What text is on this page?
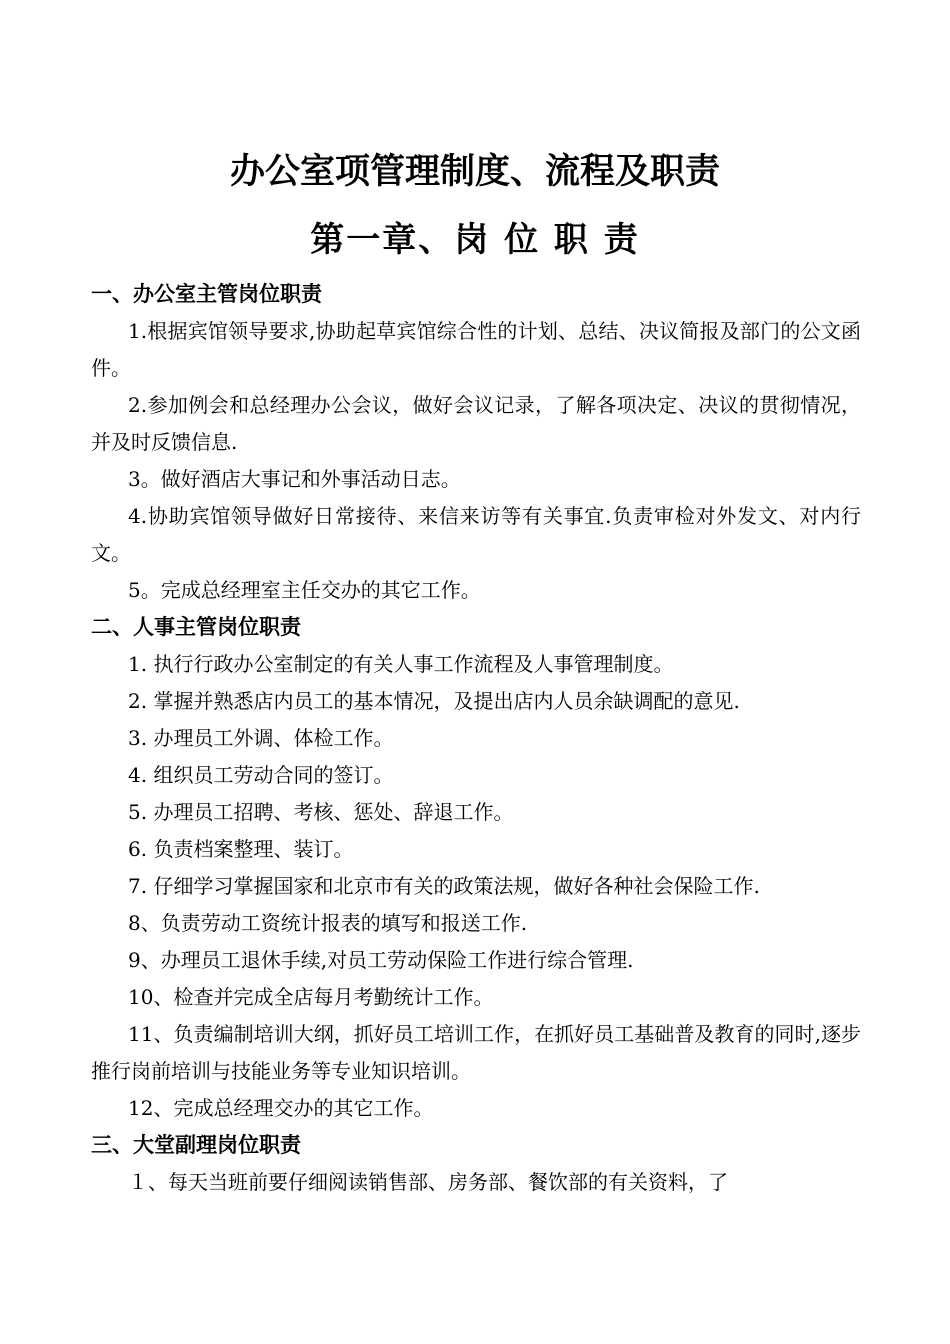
办公室项管理制度、流程及职责
第一章、岗 位 职 责
一、办公室主管岗位职责

1.根据宾馆领导要求,协助起草宾馆综合性的计划、总结、决议简报及部门的公文函件。

2.参加例会和总经理办公会议，做好会议记录，了解各项决定、决议的贯彻情况，并及时反馈信息.

3。做好酒店大事记和外事活动日志。

4.协助宾馆领导做好日常接待、来信来访等有关事宜.负责审检对外发文、对内行文。

5。完成总经理室主任交办的其它工作。

二、人事主管岗位职责

1. 执行行政办公室制定的有关人事工作流程及人事管理制度。

2. 掌握并熟悉店内员工的基本情况，及提出店内人员余缺调配的意见.

3. 办理员工外调、体检工作。

4. 组织员工劳动合同的签订。

5. 办理员工招聘、考核、惩处、辞退工作。

6. 负责档案整理、装订。

7. 仔细学习掌握国家和北京市有关的政策法规，做好各种社会保险工作.

8、负责劳动工资统计报表的填写和报送工作.

9、办理员工退休手续,对员工劳动保险工作进行综合管理.

10、检查并完成全店每月考勤统计工作。

11、负责编制培训大纲，抓好员工培训工作，在抓好员工基础普及教育的同时,逐步推行岗前培训与技能业务等专业知识培训。

12、完成总经理交办的其它工作。

三、大堂副理岗位职责

１、每天当班前要仔细阅读销售部、房务部、餐饮部的有关资料，了
